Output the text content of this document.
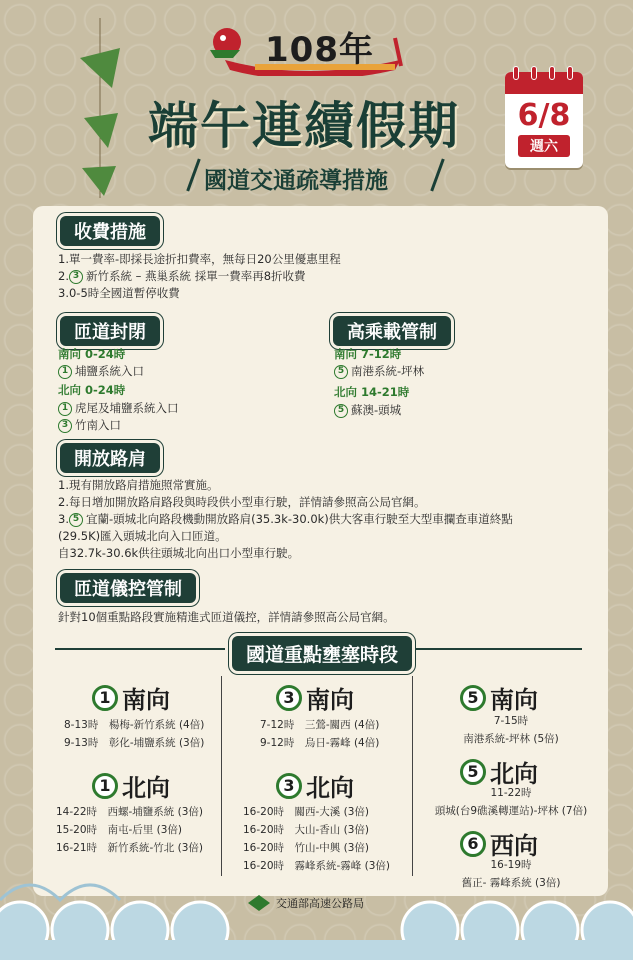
108年
端午連續假期
國道交通疏導措施
6/8
週六
收費措施
1.單一費率-即採長途折扣費率，無每日20公里優惠里程
2. 3 新竹系統 – 燕巢系統 採單一費率再8折收費
3.0-5時全國道暫停收費
匝道封閉
南向 0-24時
1 埔鹽系統入口
北向 0-24時
1 虎尾及埔鹽系統入口
3 竹南入口
高乘載管制
南向 7-12時
5 南港系統-坪林
北向 14-21時
5 蘇澳-頭城
開放路肩
1.現有開放路肩措施照常實施。
2.每日增加開放路肩路段與時段供小型車行駛，詳情請參照高公局官網。
3. 5 宜蘭-頭城北向路段機動開放路肩(35.3k-30.0k)供大客車行駛至大型車攔查車道終點
(29.5K)匯入頭城北向入口匝道。
自32.7k-30.6k供往頭城北向出口小型車行駛。
匝道儀控管制
針對10個重點路段實施精進式匝道儀控，詳情請參照高公局官網。
國道重點壅塞時段
1 南向
8-13時　楊梅-新竹系統 (4倍)
9-13時　彰化-埔鹽系統 (3倍)
1 北向
14-22時　西螺-埔鹽系統 (3倍)
15-20時　南屯-后里 (3倍)
16-21時　新竹系統-竹北 (3倍)
3 南向
7-12時　三鶯-關西 (4倍)
9-12時　烏日-霧峰 (4倍)
3 北向
16-20時　關西-大溪 (3倍)
16-20時　大山-香山 (3倍)
16-20時　竹山-中興 (3倍)
16-20時　霧峰系統-霧峰 (3倍)
5 南向
7-15時
南港系統-坪林 (5倍)
5 北向
11-22時
頭城(台9礁溪轉運站)-坪林 (7倍)
6 西向
16-19時
舊正- 霧峰系統 (3倍)
交通部高速公路局
